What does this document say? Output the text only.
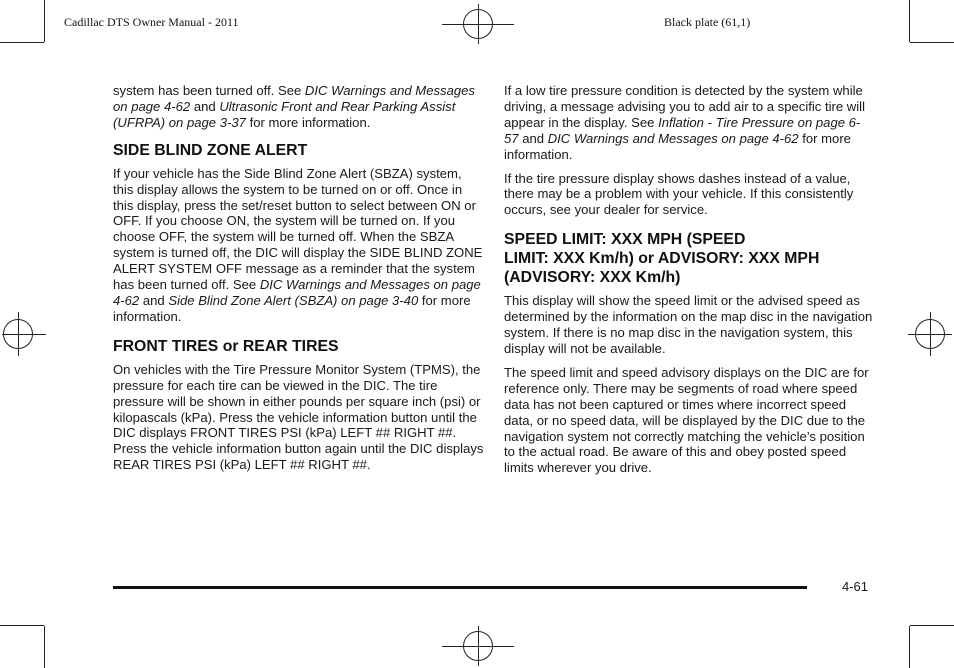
Cadillac DTS Owner Manual - 2011	Black plate (61,1)

system has been turned off. See DIC Warnings and Messages on page 4-62 and Ultrasonic Front and Rear Parking Assist (UFRPA) on page 3-37 for more information.

SIDE BLIND ZONE ALERT

If your vehicle has the Side Blind Zone Alert (SBZA) system, this display allows the system to be turned on or off. Once in this display, press the set/reset button to select between ON or OFF. If you choose ON, the system will be turned on. If you choose OFF, the system will be turned off. When the SBZA system is turned off, the DIC will display the SIDE BLIND ZONE ALERT SYSTEM OFF message as a reminder that the system has been turned off. See DIC Warnings and Messages on page 4-62 and Side Blind Zone Alert (SBZA) on page 3-40 for more information.

FRONT TIRES or REAR TIRES

On vehicles with the Tire Pressure Monitor System (TPMS), the pressure for each tire can be viewed in the DIC. The tire pressure will be shown in either pounds per square inch (psi) or kilopascals (kPa). Press the vehicle information button until the DIC displays FRONT TIRES PSI (kPa) LEFT ## RIGHT ##. Press the vehicle information button again until the DIC displays REAR TIRES PSI (kPa) LEFT ## RIGHT ##.

If a low tire pressure condition is detected by the system while driving, a message advising you to add air to a specific tire will appear in the display. See Inflation - Tire Pressure on page 6-57 and DIC Warnings and Messages on page 4-62 for more information.

If the tire pressure display shows dashes instead of a value, there may be a problem with your vehicle. If this consistently occurs, see your dealer for service.

SPEED LIMIT: XXX MPH (SPEED
LIMIT: XXX Km/h) or ADVISORY: XXX MPH
(ADVISORY: XXX Km/h)

This display will show the speed limit or the advised speed as determined by the information on the map disc in the navigation system. If there is no map disc in the navigation system, this display will not be available.

The speed limit and speed advisory displays on the DIC are for reference only. There may be segments of road where speed data has not been captured or times where incorrect speed data, or no speed data, will be displayed by the DIC due to the navigation system not correctly matching the vehicle’s position to the actual road. Be aware of this and obey posted speed limits wherever you drive.

4-61
